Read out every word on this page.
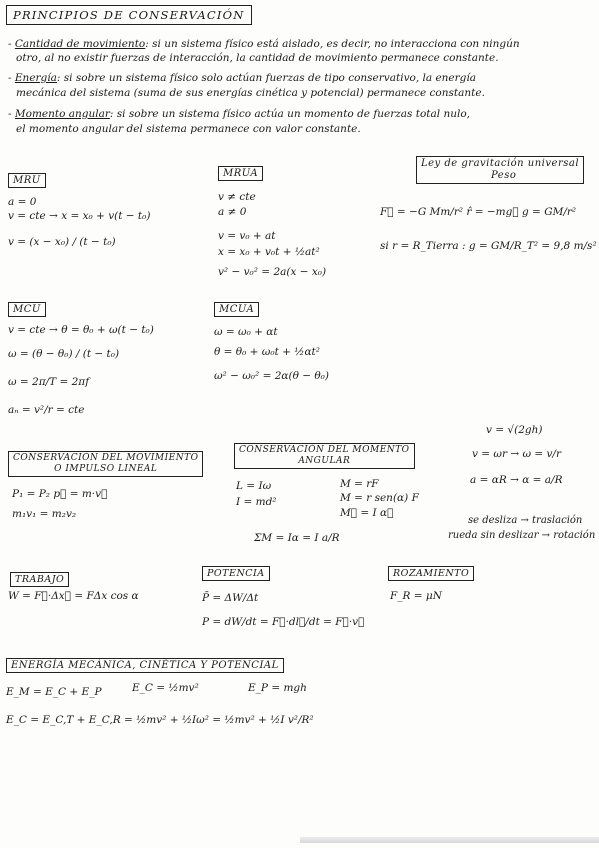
PRINCIPIOS DE CONSERVACIÓN
- Cantidad de movimiento: si un sistema físico está aislado, es decir, no interacciona con ningún
otro, al no existir fuerzas de interacción, la cantidad de movimiento permanece constante.
- Energía: si sobre un sistema físico solo actúan fuerzas de tipo conservativo, la energía
mecánica del sistema (suma de sus energías cinética y potencial) permanece constante.
- Momento angular: si sobre un sistema físico actúa un momento de fuerzas total nulo,
el momento angular del sistema permanece con valor constante.
MRU
a = 0
v = cte → x = x₀ + v(t − t₀)
v = (x − x₀) / (t − t₀)
MRUA
v ≠ cte
a ≠ 0
v = v₀ + at
x = x₀ + v₀t + ½at²
v² − v₀² = 2a(x − x₀)
Ley de gravitación universal
Peso
F⃗ = −G Mm/r² r̂ = −mg⃗ g = GM/r²
si r = R_Tierra : g = GM/R_T² = 9,8 m/s²
MCU
v = cte → θ = θ₀ + ω(t − t₀)
ω = (θ − θ₀) / (t − t₀)
ω = 2π/T = 2πf
aₙ = v²/r = cte
MCUA
ω = ω₀ + αt
θ = θ₀ + ω₀t + ½αt²
ω² − ω₀² = 2α(θ − θ₀)
CONSERVACIÓN DEL MOVIMIENTO
O IMPULSO LINEAL
P₁ = P₂ p⃗ = m·v⃗
m₁v₁ = m₂v₂
CONSERVACIÓN DEL MOMENTO
ANGULAR
L = Iω
I = md²
M = rF
M = r sen(α) F
M⃗ = I α⃗
ΣM = Iα = I a/R
v = √(2gh)
v = ωr → ω = v/r
a = αR → α = a/R
se desliza → traslación
rueda sin deslizar → rotación
TRABAJO
W = F⃗·Δx⃗ = FΔx cos α
POTENCIA
P̄ = ΔW/Δt
P = dW/dt = F⃗·dl⃗/dt = F⃗·v⃗
ROZAMIENTO
F_R = μN
ENERGÍA MECÁNICA, CINÉTICA Y POTENCIAL
E_M = E_C + E_P	E_C = ½mv²	E_P = mgh
E_C = E_C,T + E_C,R = ½mv² + ½Iω² = ½mv² + ½I v²/R²
